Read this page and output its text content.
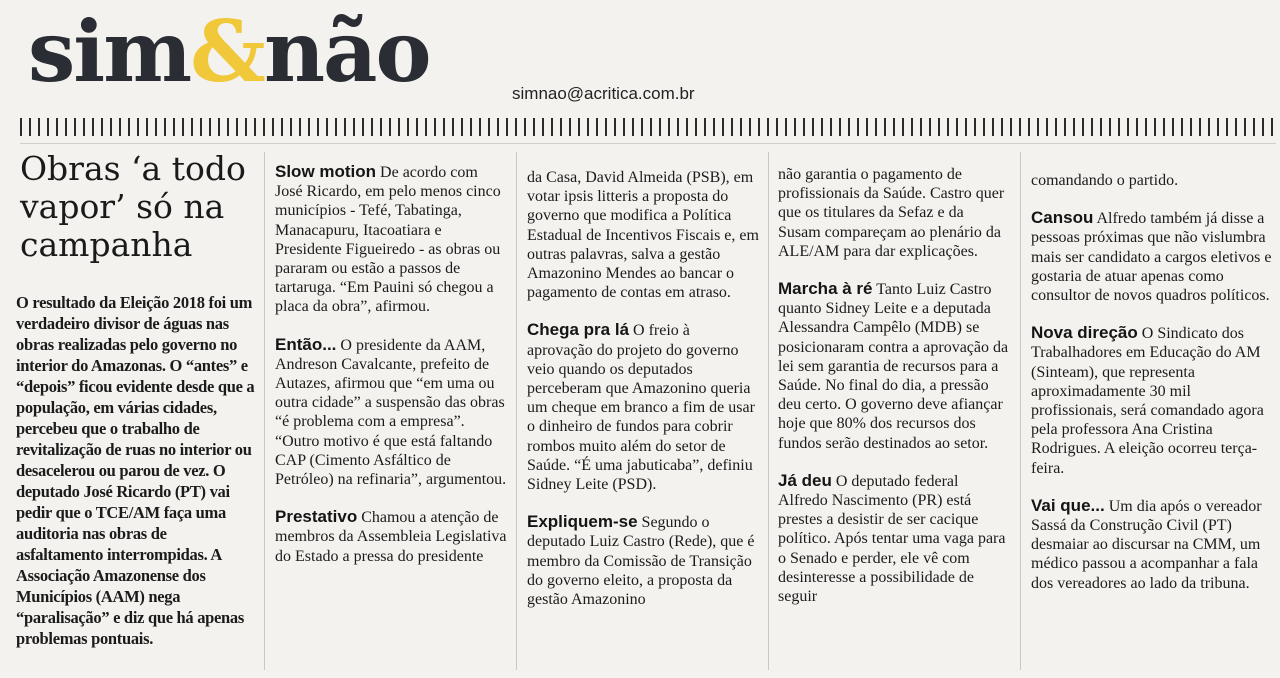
sim&não	simnao@acritica.com.br
Obras ‘a todo vapor’ só na campanha

O resultado da Eleição 2018 foi um verdadeiro divisor de águas nas obras realizadas pelo governo no interior do Amazonas. O “antes” e “depois” ficou evidente desde que a população, em várias cidades, percebeu que o trabalho de revitalização de ruas no interior ou desacelerou ou parou de vez. O deputado José Ricardo (PT) vai pedir que o TCE/AM faça uma auditoria nas obras de asfaltamento interrompidas. A Associação Amazonense dos Municípios (AAM) nega “paralisação” e diz que há apenas problemas pontuais.

Slow motion De acordo com José Ricardo, em pelo menos cinco municípios - Tefé, Tabatinga, Manacapuru, Itacoatiara e Presidente Figueiredo - as obras ou pararam ou estão a passos de tartaruga. “Em Pauini só chegou a placa da obra”, afirmou.

Então... O presidente da AAM, Andreson Cavalcante, prefeito de Autazes, afirmou que “em uma ou outra cidade” a suspensão das obras “é problema com a empresa”. “Outro motivo é que está faltando CAP (Cimento Asfáltico de Petróleo) na refinaria”, argumentou.

Prestativo Chamou a atenção de membros da Assembleia Legislativa do Estado a pressa do presidente

da Casa, David Almeida (PSB), em votar ipsis litteris a proposta do governo que modifica a Política Estadual de Incentivos Fiscais e, em outras palavras, salva a gestão Amazonino Mendes ao bancar o pagamento de contas em atraso.

Chega pra lá O freio à aprovação do projeto do governo veio quando os deputados perceberam que Amazonino queria um cheque em branco a fim de usar o dinheiro de fundos para cobrir rombos muito além do setor de Saúde. “É uma jabuticaba”, definiu Sidney Leite (PSD).

Expliquem-se Segundo o deputado Luiz Castro (Rede), que é membro da Comissão de Transição do governo eleito, a proposta da gestão Amazonino

não garantia o pagamento de profissionais da Saúde. Castro quer que os titulares da Sefaz e da Susam compareçam ao plenário da ALE/AM para dar explicações.

Marcha à ré Tanto Luiz Castro quanto Sidney Leite e a deputada Alessandra Campêlo (MDB) se posicionaram contra a aprovação da lei sem garantia de recursos para a Saúde. No final do dia, a pressão deu certo. O governo deve afiançar hoje que 80% dos recursos dos fundos serão destinados ao setor.

Já deu O deputado federal Alfredo Nascimento (PR) está prestes a desistir de ser cacique político. Após tentar uma vaga para o Senado e perder, ele vê com desinteresse a possibilidade de seguir

comandando o partido.

Cansou Alfredo também já disse a pessoas próximas que não vislumbra mais ser candidato a cargos eletivos e gostaria de atuar apenas como consultor de novos quadros políticos.

Nova direção O Sindicato dos Trabalhadores em Educação do AM (Sinteam), que representa aproximadamente 30 mil profissionais, será comandado agora pela professora Ana Cristina Rodrigues. A eleição ocorreu terça-feira.

Vai que... Um dia após o vereador Sassá da Construção Civil (PT) desmaiar ao discursar na CMM, um médico passou a acompanhar a fala dos vereadores ao lado da tribuna.
